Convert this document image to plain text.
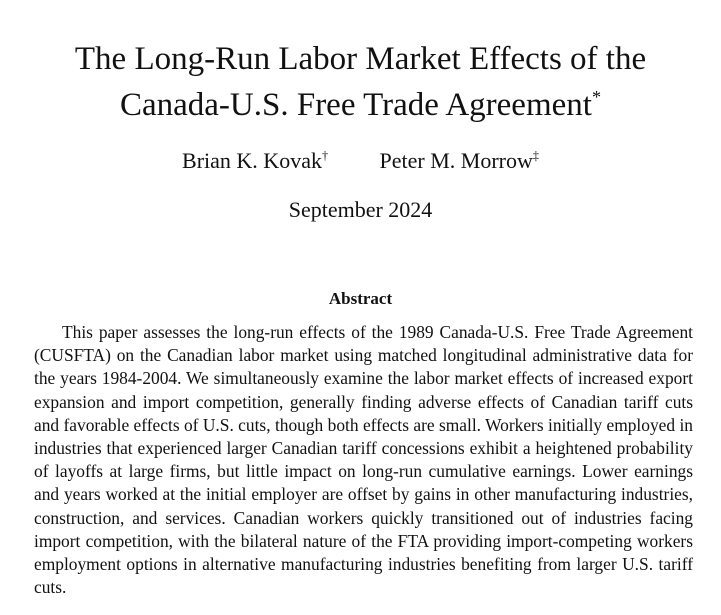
The Long-Run Labor Market Effects of the
Canada-U.S. Free Trade Agreement*
Brian K. Kovak† Peter M. Morrow‡
September 2024
Abstract

This paper assesses the long-run effects of the 1989 Canada-U.S. Free Trade Agreement (CUSFTA) on the Canadian labor market using matched longitudinal administrative data for the years 1984-2004. We simultaneously examine the labor market effects of increased export expansion and import competition, generally finding adverse effects of Canadian tariff cuts and favorable effects of U.S. cuts, though both effects are small. Workers initially employed in industries that experienced larger Canadian tariff concessions exhibit a heightened probability of layoffs at large firms, but little impact on long-run cumulative earnings. Lower earnings and years worked at the initial employer are offset by gains in other manufacturing industries, construction, and services. Canadian workers quickly transitioned out of industries facing import competition, with the bilateral nature of the FTA providing import-competing workers employment options in alternative manufacturing industries benefiting from larger U.S. tariff cuts.
